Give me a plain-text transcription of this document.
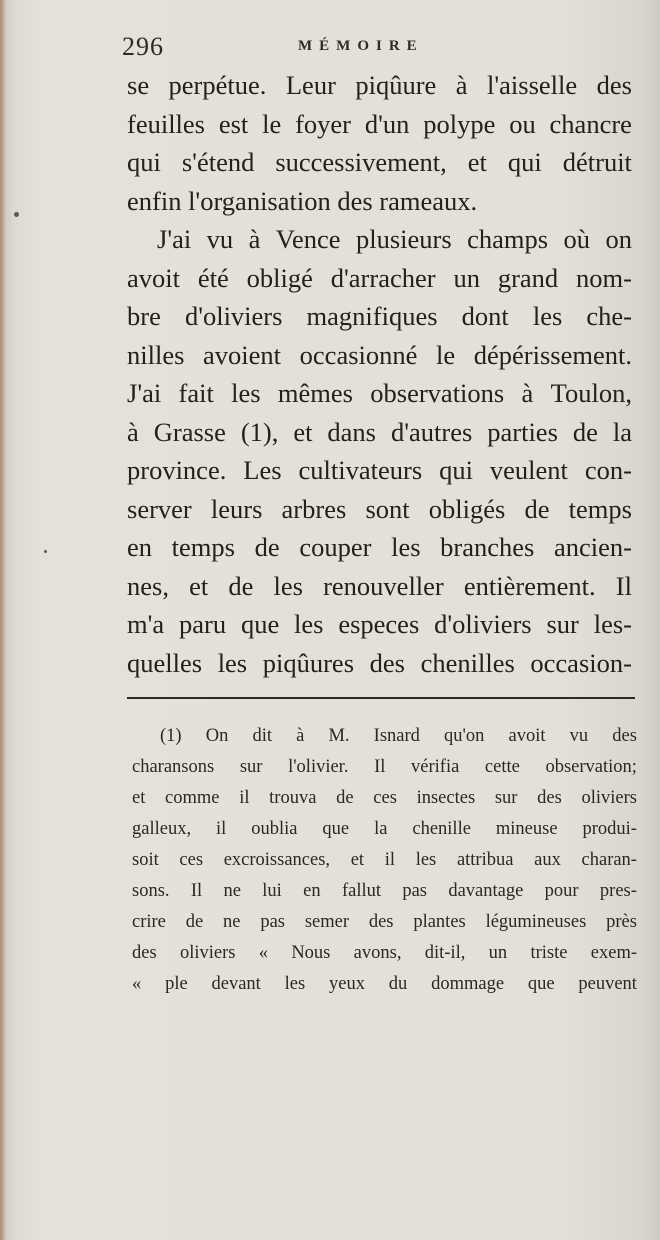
296	MÉMOIRE
se perpétue. Leur piqûure à l'aisselle des
feuilles est le foyer d'un polype ou chancre
qui s'étend successivement, et qui détruit
enfin l'organisation des rameaux.
J'ai vu à Vence plusieurs champs où on
avoit été obligé d'arracher un grand nom-
bre d'oliviers magnifiques dont les che-
nilles avoient occasionné le dépérissement.
J'ai fait les mêmes observations à Toulon,
à Grasse (1), et dans d'autres parties de la
province. Les cultivateurs qui veulent con-
server leurs arbres sont obligés de temps
en temps de couper les branches ancien-
nes, et de les renouveller entièrement. Il
m'a paru que les especes d'oliviers sur les-
quelles les piqûures des chenilles occasion-
(1) On dit à M. Isnard qu'on avoit vu des
charansons sur l'olivier. Il vérifia cette observation;
et comme il trouva de ces insectes sur des oliviers
galleux, il oublia que la chenille mineuse produi-
soit ces excroissances, et il les attribua aux charan-
sons. Il ne lui en fallut pas davantage pour pres-
crire de ne pas semer des plantes légumineuses près
des oliviers « Nous avons, dit-il, un triste exem-
« ple devant les yeux du dommage que peuvent
